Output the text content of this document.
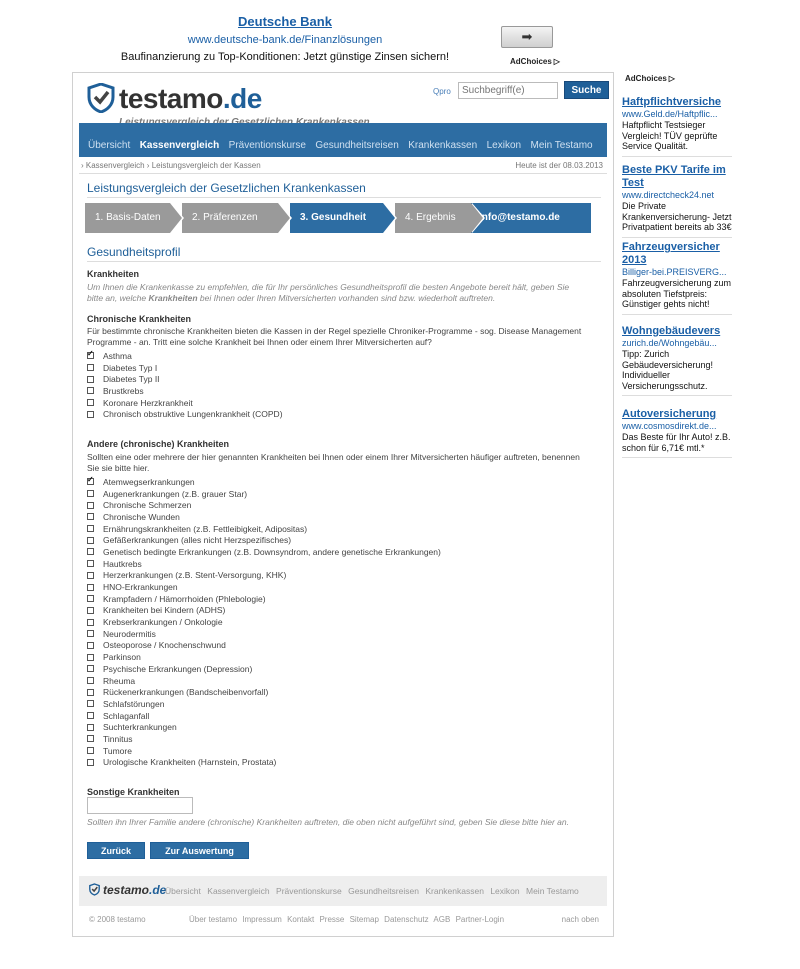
Deutsche Bank
www.deutsche-bank.de/Finanzlösungen
Baufinanzierung zu Top-Konditionen: Jetzt günstige Zinsen sichern!
➡
AdChoices ▷
AdChoices ▷
testamo.de	Qpro
Suchbegriff(e)	Suche
Übersicht Kassenvergleich Präventionskurse Gesundheitsreisen Krankenkassen Lexikon Mein Testamo
› Kassenvergleich › Leistungsvergleich der Kassen	Heute ist der 08.03.2013
Leistungsvergleich der Gesetzlichen Krankenkassen
1. Basis-Daten	2. Präferenzen	3. Gesundheit	4. Ergebnis	Info@testamo.de
Gesundheitsprofil
Krankheiten
Um Ihnen die Krankenkasse zu empfehlen, die für Ihr persönliches Gesundheitsprofil die besten Angebote bereit hält, geben Sie bitte an, welche Krankheiten bei Ihnen oder Ihren Mitversicherten vorhanden sind bzw. wiederholt auftreten.
Chronische Krankheiten
Für bestimmte chronische Krankheiten bieten die Kassen in der Regel spezielle Chroniker-Programme - sog. Disease Management Programme - an. Tritt eine solche Krankheit bei Ihnen oder einem Ihrer Mitversicherten auf?
✓
Asthma
Diabetes Typ I
Diabetes Typ II
Brustkrebs
Koronare Herzkrankheit
Chronisch obstruktive Lungenkrankheit (COPD)
Andere (chronische) Krankheiten
Sollten eine oder mehrere der hier genannten Krankheiten bei Ihnen oder einem Ihrer Mitversicherten häufiger auftreten, benennen Sie sie bitte hier.
✓
Atemwegserkrankungen
Augenerkrankungen (z.B. grauer Star)
Chronische Schmerzen
Chronische Wunden
Ernährungskrankheiten (z.B. Fettleibigkeit, Adipositas)
Gefäßerkrankungen (alles nicht Herzspezifisches)
Genetisch bedingte Erkrankungen (z.B. Downsyndrom, andere genetische Erkrankungen)
Hautkrebs
Herzerkrankungen (z.B. Stent-Versorgung, KHK)
HNO-Erkrankungen
Krampfadern / Hämorrhoiden (Phlebologie)
Krankheiten bei Kindern (ADHS)
Krebserkrankungen / Onkologie
Neurodermitis
Osteoporose / Knochenschwund
Parkinson
Psychische Erkrankungen (Depression)
Rheuma
Rückenerkrankungen (Bandscheibenvorfall)
Schlafstörungen
Schlaganfall
Suchterkrankungen
Tinnitus
Tumore
Urologische Krankheiten (Harnstein, Prostata)
Sonstige Krankheiten
Sollten ihn Ihrer Familie andere (chronische) Krankheiten auftreten, die oben nicht aufgeführt sind, geben Sie diese bitte hier an.
Zurück	Zur Auswertung
testamo.de
Übersicht Kassenvergleich Präventionskurse Gesundheitsreisen Krankenkassen Lexikon Mein Testamo
© 2008 testamo	Über testamo Impressum Kontakt Presse Sitemap Datenschutz AGB Partner-Login	nach oben
Haftpflichtversiche
www.Geld.de/Haftpflic...
Haftpflicht Testsieger Vergleich! TÜV geprüfte Service Qualität.
Beste PKV Tarife im Test
www.directcheck24.net
Die Private Krankenversicherung- Jetzt Privatpatient bereits ab 33€
Fahrzeugversicher 2013
Billiger-bei.PREISVERG...
Fahrzeugversicherung zum absoluten Tiefstpreis: Günstiger gehts nicht!
Wohngebäudevers
zurich.de/Wohngebäu...
Tipp: Zurich Gebäudeversicherung! Individueller Versicherungsschutz.
Autoversicherung
www.cosmosdirekt.de...
Das Beste für Ihr Auto! z.B. schon für 6,71€ mtl.*
